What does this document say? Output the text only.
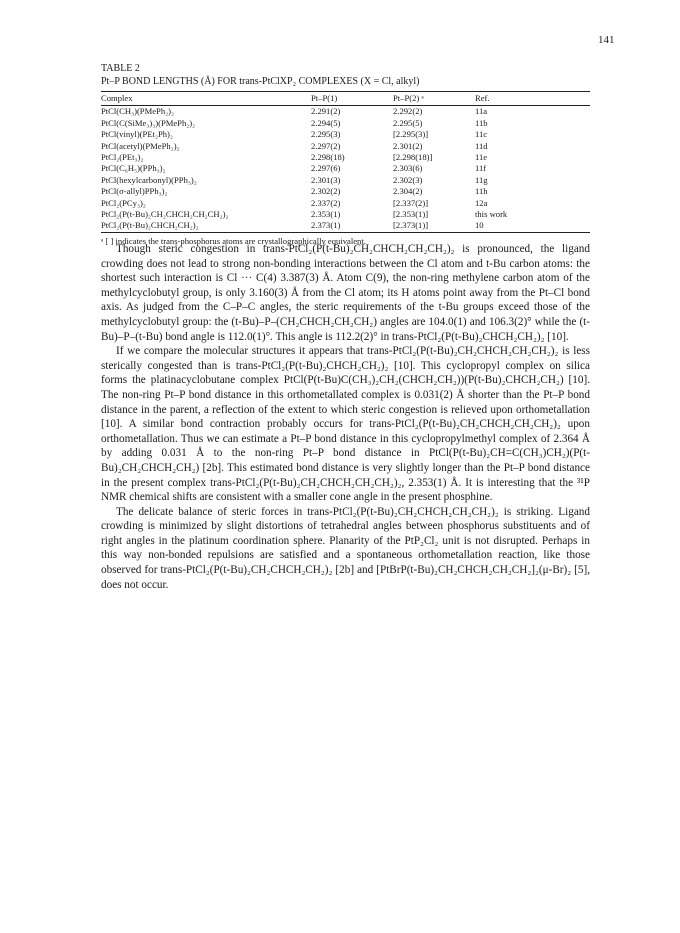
141

TABLE 2

Pt–P BOND LENGTHS (Å) FOR trans-PtClXP₂ COMPLEXES (X = Cl, alkyl)

Complex	Pt–P(1)	Pt–P(2) ᵃ	Ref.
PtCl(CH₃)(PMePh₂)₂	2.291(2)	2.292(2)	11a
PtCl(C(SiMe₃)₃)(PMePh₂)₂	2.294(5)	2.295(5)	11b
PtCl(vinyl)(PEt₂Ph)₂	2.295(3)	[2.295(3)]	11c
PtCl(acetyl)(PMePh₂)₂	2.297(2)	2.301(2)	11d
PtCl₂(PEt₃)₂	2.298(18)	[2.298(18)]	11e
PtCl(C₆H₅)(PPh₃)₂	2.297(6)	2.303(6)	11f
PtCl(hexylcarbonyl)(PPh₃)₂	2.301(3)	2.302(3)	11g
PtCl(σ-allyl)PPh₃)₂	2.302(2)	2.304(2)	11h
PtCl₂(PCy₃)₂	2.337(2)	[2.337(2)]	12a
PtCl₂(P(t-Bu)₂CH₂CHCH₂CH₂CH₂)₂	2.353(1)	[2.353(1)]	this work
PtCl₂(P(t-Bu)₂CHCH₂CH₂)₂	2.373(1)	[2.373(1)]	10

ᵃ [ ] indicates the trans-phosphorus atoms are crystallographically equivalent.

Though steric congestion in trans-PtCl₂(P(t-Bu)₂CH₂CHCH₂CH₂CH₂)₂ is pronounced, the ligand crowding does not lead to strong non-bonding interactions between the Cl atom and t-Bu carbon atoms: the shortest such interaction is Cl ··· C(4) 3.387(3) Å. Atom C(9), the non-ring methylene carbon atom of the methylcyclobutyl group, is only 3.160(3) Å from the Cl atom; its H atoms point away from the Pt–Cl bond axis. As judged from the C–P–C angles, the steric requirements of the t-Bu groups exceed those of the methylcyclobutyl group: the (t-Bu)–P–(CH₂CHCH₂CH₂CH₂) angles are 104.0(1) and 106.3(2)° while the (t-Bu)–P–(t-Bu) bond angle is 112.0(1)°. This angle is 112.2(2)° in trans-PtCl₂(P(t-Bu)₂CHCH₂CH₂)₂ [10].

If we compare the molecular structures it appears that trans-PtCl₂(P(t-Bu)₂CH₂CHCH₂CH₂CH₂)₂ is less sterically congested than is trans-PtCl₂(P(t-Bu)₂CHCH₂CH₂)₂ [10]. This cyclopropyl complex on silica forms the platinacyclobutane complex PtCl(P(t-Bu)C(CH₃)₂CH₂(CHCH₂CH₂))(P(t-Bu)₂CHCH₂CH₂) [10]. The non-ring Pt–P bond distance in this orthometallated complex is 0.031(2) Å shorter than the Pt–P bond distance in the parent, a reflection of the extent to which steric congestion is relieved upon orthometallation [10]. A similar bond contraction probably occurs for trans-PtCl₂(P(t-Bu)₂CH₂CHCH₂CH₂CH₂)₂ upon orthometallation. Thus we can estimate a Pt–P bond distance in this cyclopropylmethyl complex of 2.364 Å by adding 0.031 Å to the non-ring Pt–P bond distance in PtCl(P(t-Bu)₂CH=C(CH₃)CH₂)(P(t-Bu)₂CH₂CHCH₂CH₂) [2b]. This estimated bond distance is very slightly longer than the Pt–P bond distance in the present complex trans-PtCl₂(P(t-Bu)₂CH₂CHCH₂CH₂CH₂)₂, 2.353(1) Å. It is interesting that the ³¹P NMR chemical shifts are consistent with a smaller cone angle in the present phosphine.

The delicate balance of steric forces in trans-PtCl₂(P(t-Bu)₂CH₂CHCH₂CH₂CH₂)₂ is striking. Ligand crowding is minimized by slight distortions of tetrahedral angles between phosphorus substituents and of right angles in the platinum coordination sphere. Planarity of the PtP₂Cl₂ unit is not disrupted. Perhaps in this way non-bonded repulsions are satisfied and a spontaneous orthometallation reaction, like those observed for trans-PtCl₂(P(t-Bu)₂CH₂CHCH₂CH₂)₂ [2b] and [PtBrP(t-Bu)₂CH₂CHCH₂CH₂CH₂]₂(μ-Br)₂ [5], does not occur.
